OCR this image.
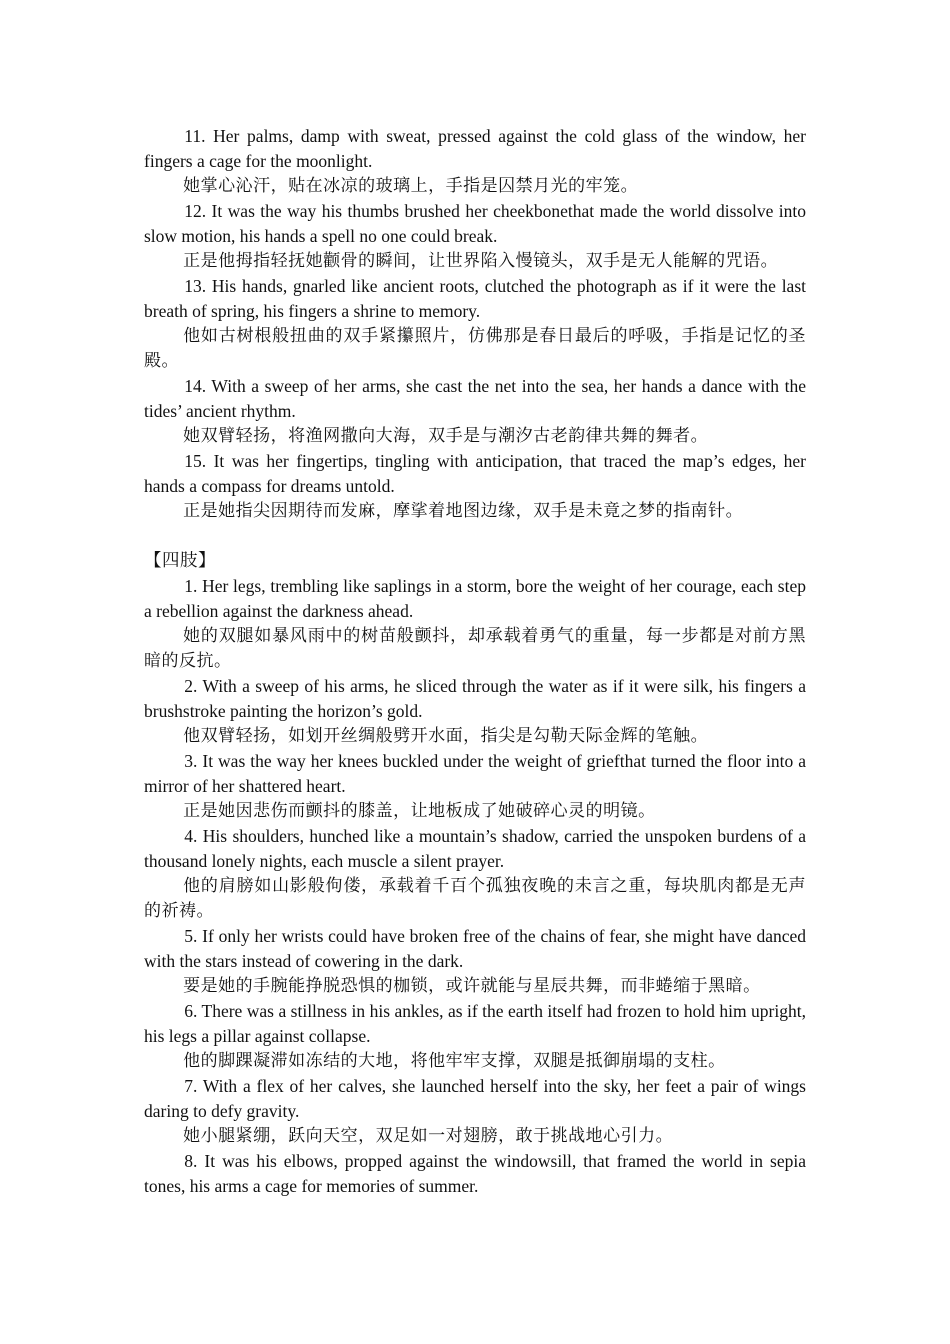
11. Her palms, damp with sweat, pressed against the cold glass of the window, her fingers a cage for the moonlight.

她掌心沁汗，贴在冰凉的玻璃上，手指是囚禁月光的牢笼。

12. It was the way his thumbs brushed her cheekbonethat made the world dissolve into slow motion, his hands a spell no one could break.

正是他拇指轻抚她颧骨的瞬间，让世界陷入慢镜头，双手是无人能解的咒语。

13. His hands, gnarled like ancient roots, clutched the photograph as if it were the last breath of spring, his fingers a shrine to memory.

他如古树根般扭曲的双手紧攥照片，仿佛那是春日最后的呼吸，手指是记忆的圣殿。

14. With a sweep of her arms, she cast the net into the sea, her hands a dance with the tides’ ancient rhythm.

她双臂轻扬，将渔网撒向大海，双手是与潮汐古老韵律共舞的舞者。

15. It was her fingertips, tingling with anticipation, that traced the map’s edges, her hands a compass for dreams untold.

正是她指尖因期待而发麻，摩挲着地图边缘，双手是未竟之梦的指南针。

【四肢】

1. Her legs, trembling like saplings in a storm, bore the weight of her courage, each step a rebellion against the darkness ahead.

她的双腿如暴风雨中的树苗般颤抖，却承载着勇气的重量，每一步都是对前方黑暗的反抗。

2. With a sweep of his arms, he sliced through the water as if it were silk, his fingers a brushstroke painting the horizon’s gold.

他双臂轻扬，如划开丝绸般劈开水面，指尖是勾勒天际金辉的笔触。

3. It was the way her knees buckled under the weight of griefthat turned the floor into a mirror of her shattered heart.

正是她因悲伤而颤抖的膝盖，让地板成了她破碎心灵的明镜。

4. His shoulders, hunched like a mountain’s shadow, carried the unspoken burdens of a thousand lonely nights, each muscle a silent prayer.

他的肩膀如山影般佝偻，承载着千百个孤独夜晚的未言之重，每块肌肉都是无声的祈祷。

5. If only her wrists could have broken free of the chains of fear, she might have danced with the stars instead of cowering in the dark.

要是她的手腕能挣脱恐惧的枷锁，或许就能与星辰共舞，而非蜷缩于黑暗。

6. There was a stillness in his ankles, as if the earth itself had frozen to hold him upright, his legs a pillar against collapse.

他的脚踝凝滞如冻结的大地，将他牢牢支撑，双腿是抵御崩塌的支柱。

7. With a flex of her calves, she launched herself into the sky, her feet a pair of wings daring to defy gravity.

她小腿紧绷，跃向天空，双足如一对翅膀，敢于挑战地心引力。

8. It was his elbows, propped against the windowsill, that framed the world in sepia tones, his arms a cage for memories of summer.
